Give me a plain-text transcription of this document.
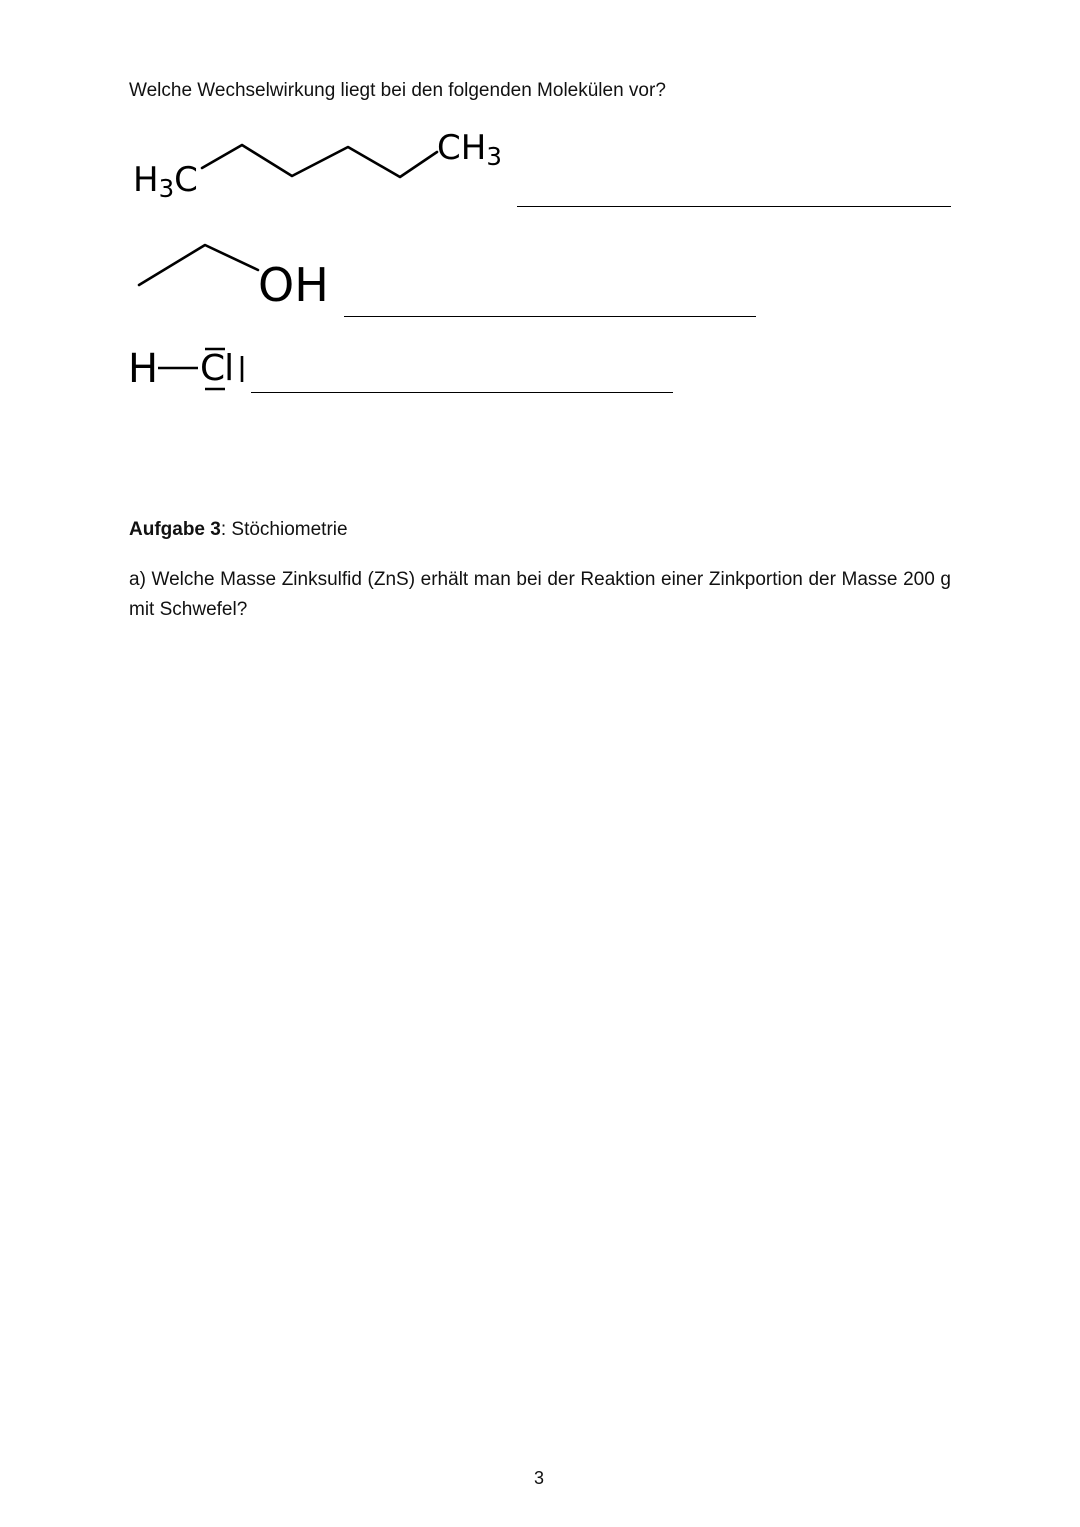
Welche Wechselwirkung liegt bei den folgenden Molekülen vor?
$H_3C$
$CH_3$
OH
H Cl
Aufgabe 3: Stöchiometrie
a) Welche Masse Zinksulfid (ZnS) erhält man bei der Reaktion einer Zinkportion der Masse 200 g mit Schwefel?
3
